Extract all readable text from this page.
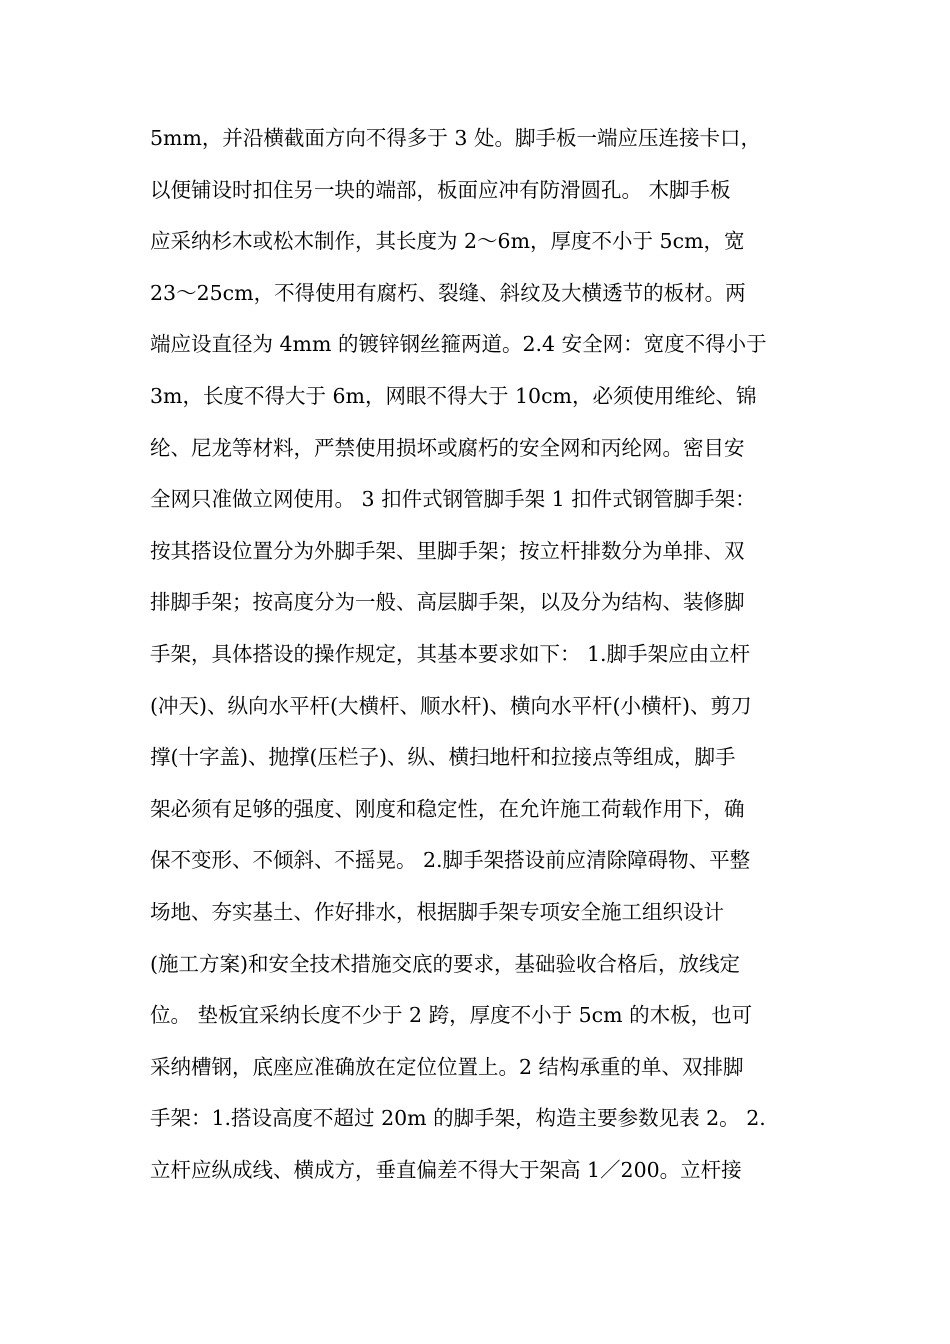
5mm，并沿横截面方向不得多于 3 处。脚手板一端应压连接卡口，
以便铺设时扣住另一块的端部，板面应冲有防滑圆孔。 木脚手板
应采纳杉木或松木制作，其长度为 2～6m，厚度不小于 5cm，宽
23～25cm，不得使用有腐朽、裂缝、斜纹及大横透节的板材。两
端应设直径为 4mm 的镀锌钢丝箍两道。2.4 安全网：宽度不得小于
3m，长度不得大于 6m，网眼不得大于 10cm，必须使用维纶、锦
纶、尼龙等材料，严禁使用损坏或腐朽的安全网和丙纶网。密目安
全网只准做立网使用。 3 扣件式钢管脚手架 1 扣件式钢管脚手架：
按其搭设位置分为外脚手架、里脚手架；按立杆排数分为单排、双
排脚手架；按高度分为一般、高层脚手架，以及分为结构、装修脚
手架，具体搭设的操作规定，其基本要求如下： 1.脚手架应由立杆
(冲天)、纵向水平杆(大横杆、顺水杆)、横向水平杆(小横杆)、剪刀
撑(十字盖)、抛撑(压栏子)、纵、横扫地杆和拉接点等组成，脚手
架必须有足够的强度、刚度和稳定性，在允许施工荷载作用下，确
保不变形、不倾斜、不摇晃。 2.脚手架搭设前应清除障碍物、平整
场地、夯实基土、作好排水，根据脚手架专项安全施工组织设计
(施工方案)和安全技术措施交底的要求，基础验收合格后，放线定
位。 垫板宜采纳长度不少于 2 跨，厚度不小于 5cm 的木板，也可
采纳槽钢，底座应准确放在定位位置上。2 结构承重的单、双排脚
手架：1.搭设高度不超过 20m 的脚手架，构造主要参数见表 2。 2.
立杆应纵成线、横成方，垂直偏差不得大于架高 1／200。立杆接
